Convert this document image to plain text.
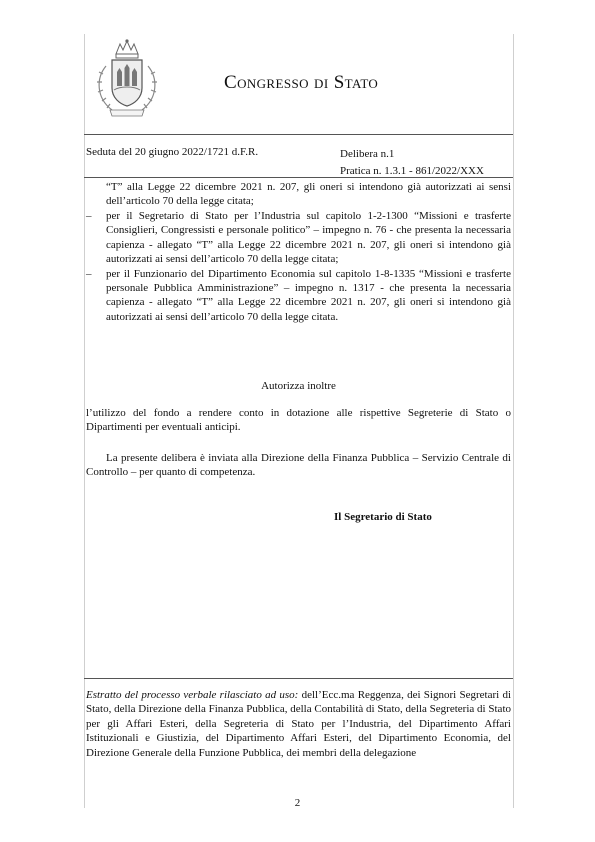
Congresso di Stato
Seduta del 20 giugno 2022/1721 d.F.R.	Delibera n.1
Pratica n. 1.3.1 - 861/2022/XXX

“T” alla Legge 22 dicembre 2021 n. 207, gli oneri si intendono già autorizzati ai sensi dell’articolo 70 della legge citata;

– per il Segretario di Stato per l’Industria sul capitolo 1-2-1300 “Missioni e trasferte Consiglieri, Congressisti e personale politico” – impegno n. 76 - che presenta la necessaria capienza - allegato “T” alla Legge 22 dicembre 2021 n. 207, gli oneri si intendono già autorizzati ai sensi dell’articolo 70 della legge citata;
– per il Funzionario del Dipartimento Economia sul capitolo 1-8-1335 “Missioni e trasferte personale Pubblica Amministrazione” – impegno n. 1317 - che presenta la necessaria capienza - allegato “T” alla Legge 22 dicembre 2021 n. 207, gli oneri si intendono già autorizzati ai sensi dell’articolo 70 della legge citata.
Autorizza inoltre

l’utilizzo del fondo a rendere conto in dotazione alle rispettive Segreterie di Stato o Dipartimenti per eventuali anticipi.

La presente delibera è inviata alla Direzione della Finanza Pubblica – Servizio Centrale di Controllo – per quanto di competenza.

Il Segretario di Stato

Estratto del processo verbale rilasciato ad uso: dell’Ecc.ma Reggenza, dei Signori Segretari di Stato, della Direzione della Finanza Pubblica, della Contabilità di Stato, della Segreteria di Stato per gli Affari Esteri, della Segreteria di Stato per l’Industria, del Dipartimento Affari Istituzionali e Giustizia, del Dipartimento Affari Esteri, del Dipartimento Economia, del Direzione Generale della Funzione Pubblica, dei membri della delegazione

2
